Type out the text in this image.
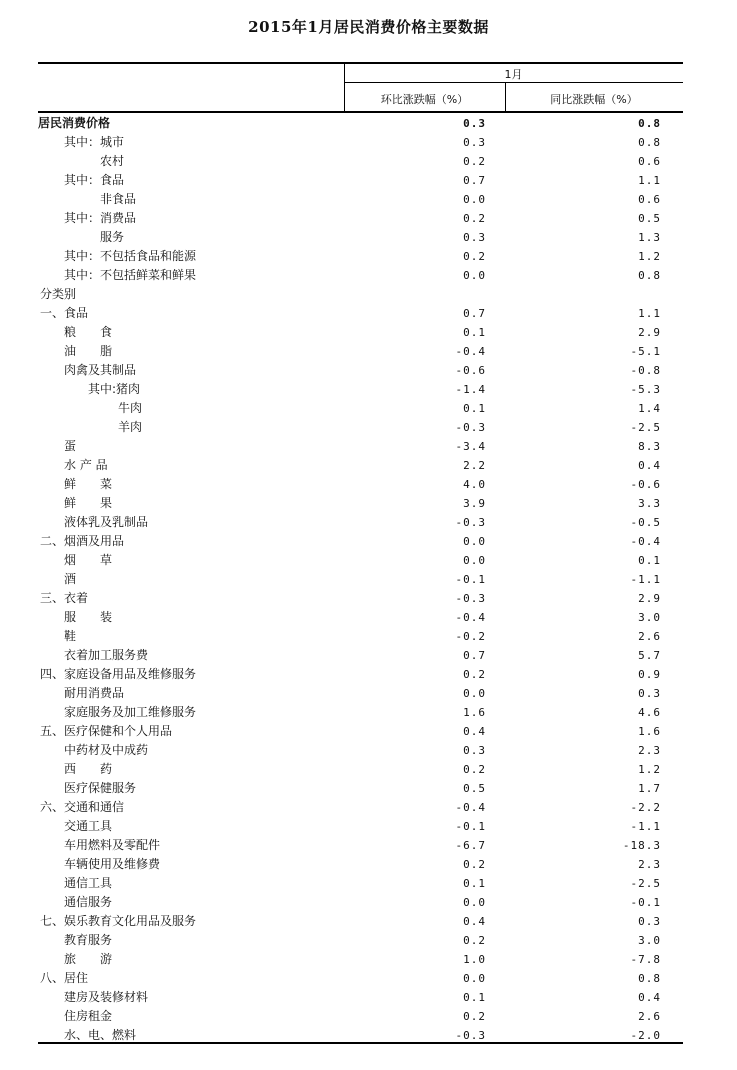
2015年1月居民消费价格主要数据
1月
环比涨跌幅（%）	同比涨跌幅（%）
居民消费价格	0.3	0.8
其中：城市	0.3	0.8
农村	0.2	0.6
其中：食品	0.7	1.1
非食品	0.0	0.6
其中：消费品	0.2	0.5
服务	0.3	1.3
其中：不包括食品和能源	0.2	1.2
其中：不包括鲜菜和鲜果	0.0	0.8
分类别
一、食品	0.7	1.1
粮　　食	0.1	2.9
油　　脂	-0.4	-5.1
肉禽及其制品	-0.6	-0.8
其中:猪肉	-1.4	-5.3
牛肉	0.1	1.4
羊肉	-0.3	-2.5
蛋	-3.4	8.3
水 产 品	2.2	0.4
鲜　　菜	4.0	-0.6
鲜　　果	3.9	3.3
液体乳及乳制品	-0.3	-0.5
二、烟酒及用品	0.0	-0.4
烟　　草	0.0	0.1
酒	-0.1	-1.1
三、衣着	-0.3	2.9
服　　装	-0.4	3.0
鞋	-0.2	2.6
衣着加工服务费	0.7	5.7
四、家庭设备用品及维修服务	0.2	0.9
耐用消费品	0.0	0.3
家庭服务及加工维修服务	1.6	4.6
五、医疗保健和个人用品	0.4	1.6
中药材及中成药	0.3	2.3
西　　药	0.2	1.2
医疗保健服务	0.5	1.7
六、交通和通信	-0.4	-2.2
交通工具	-0.1	-1.1
车用燃料及零配件	-6.7	-18.3
车辆使用及维修费	0.2	2.3
通信工具	0.1	-2.5
通信服务	0.0	-0.1
七、娱乐教育文化用品及服务	0.4	0.3
教育服务	0.2	3.0
旅　　游	1.0	-7.8
八、居住	0.0	0.8
建房及装修材料	0.1	0.4
住房租金	0.2	2.6
水、电、燃料	-0.3	-2.0
